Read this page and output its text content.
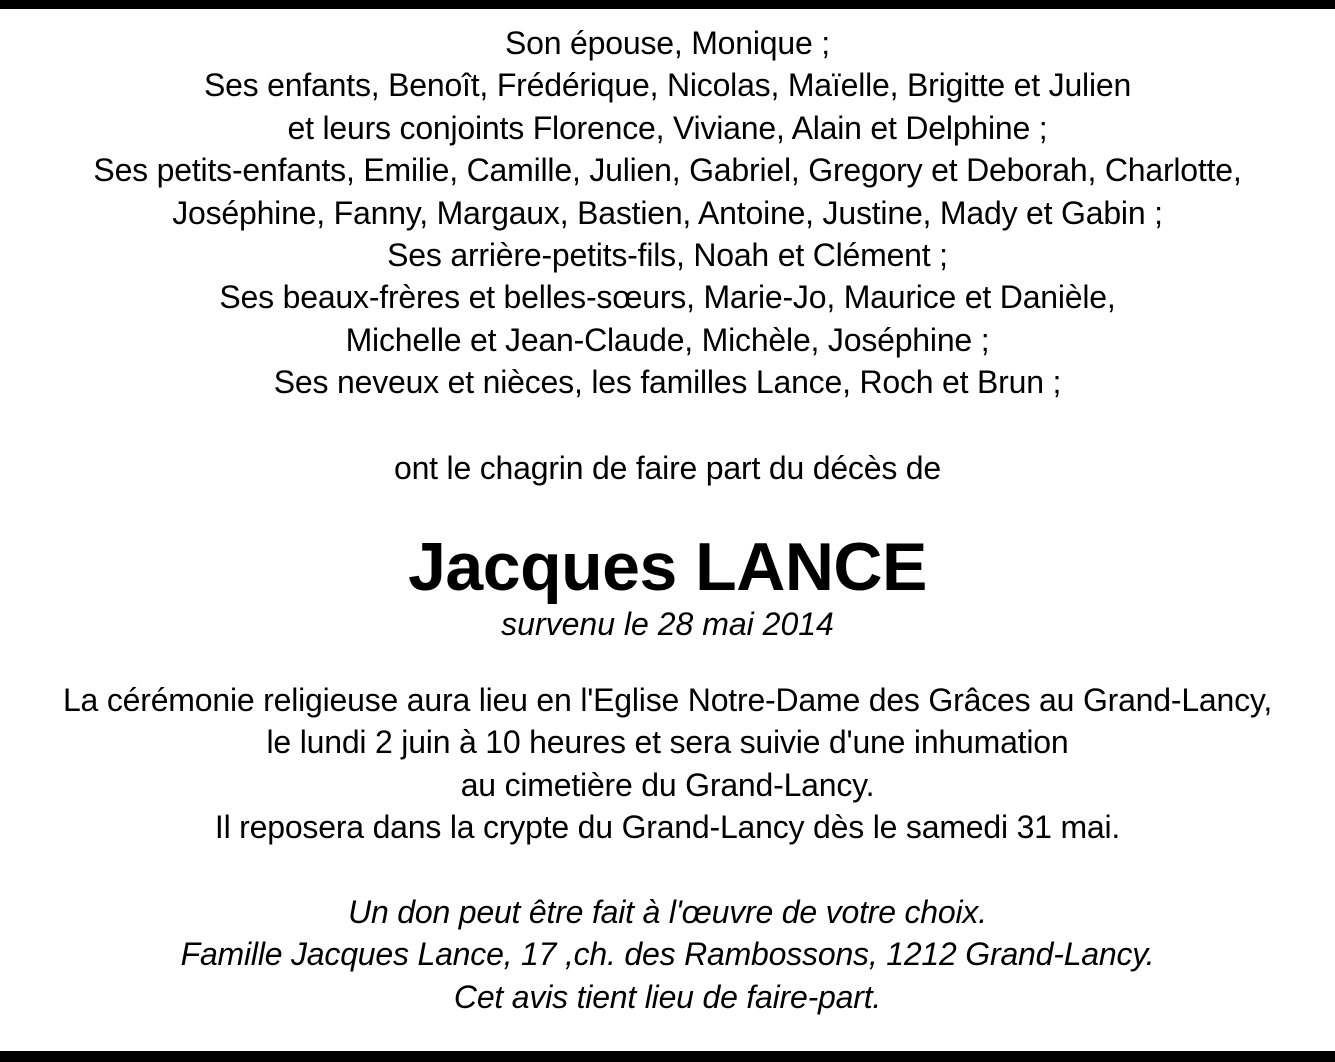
Son épouse, Monique ;
Ses enfants, Benoît, Frédérique, Nicolas, Maïelle, Brigitte et Julien
et leurs conjoints Florence, Viviane, Alain et Delphine ;
Ses petits-enfants, Emilie, Camille, Julien, Gabriel, Gregory et Deborah, Charlotte,
Joséphine, Fanny, Margaux, Bastien, Antoine, Justine, Mady et Gabin ;
Ses arrière-petits-fils, Noah et Clément ;
Ses beaux-frères et belles-sœurs, Marie-Jo, Maurice et Danièle,
Michelle et Jean-Claude, Michèle, Joséphine ;
Ses neveux et nièces, les familles Lance, Roch et Brun ;
ont le chagrin de faire part du décès de
Jacques LANCE
survenu le 28 mai 2014
La cérémonie religieuse aura lieu en l'Eglise Notre-Dame des Grâces au Grand-Lancy,
le lundi 2 juin à 10 heures et sera suivie d'une inhumation
au cimetière du Grand-Lancy.
Il reposera dans la crypte du Grand-Lancy dès le samedi 31 mai.
Un don peut être fait à l'œuvre de votre choix.
Famille Jacques Lance, 17 ,ch. des Rambossons, 1212 Grand-Lancy.
Cet avis tient lieu de faire-part.
